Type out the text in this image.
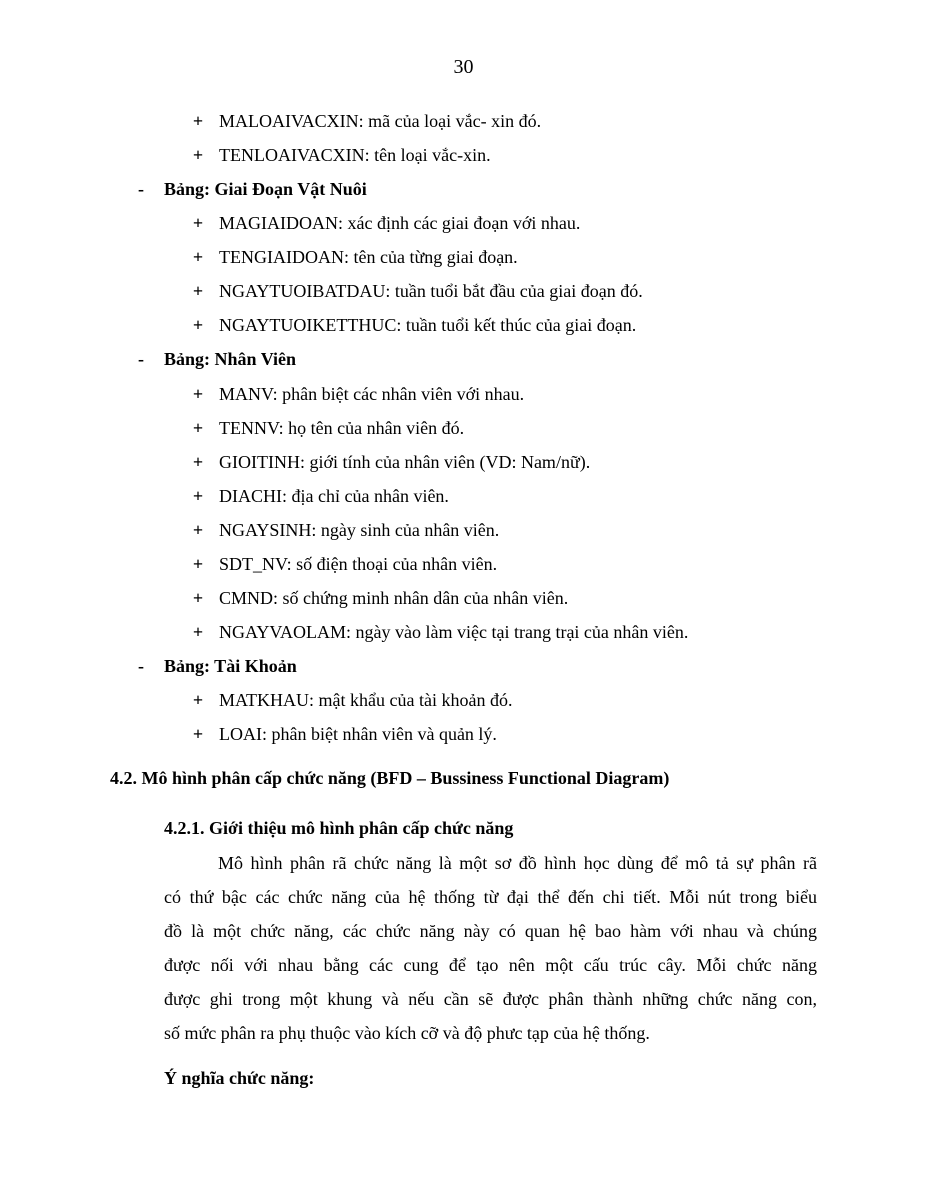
30
+ MALOAIVACXIN: mã của loại vắc- xin đó.
+ TENLOAIVACXIN: tên loại vắc-xin.
- Bảng: Giai Đoạn Vật Nuôi
+ MAGIAIDOAN: xác định các giai đoạn với nhau.
+ TENGIAIDOAN: tên của từng giai đoạn.
+ NGAYTUOIBATDAU: tuần tuổi bắt đầu của giai đoạn đó.
+ NGAYTUOIKETTHUC: tuần tuổi kết thúc của giai đoạn.
- Bảng: Nhân Viên
+ MANV: phân biệt các nhân viên với nhau.
+ TENNV: họ tên của nhân viên đó.
+ GIOITINH: giới tính của nhân viên (VD: Nam/nữ).
+ DIACHI: địa chỉ của nhân viên.
+ NGAYSINH: ngày sinh của nhân viên.
+ SDT_NV: số điện thoại của nhân viên.
+ CMND: số chứng minh nhân dân của nhân viên.
+ NGAYVAOLAM: ngày vào làm việc tại trang trại của nhân viên.
- Bảng: Tài Khoản
+ MATKHAU: mật khẩu của tài khoản đó.
+ LOAI: phân biệt nhân viên và quản lý.
4.2. Mô hình phân cấp chức năng (BFD – Bussiness Functional Diagram)
4.2.1. Giới thiệu mô hình phân cấp chức năng
Mô hình phân rã chức năng là một sơ đồ hình học dùng để mô tả sự phân rã
có thứ bậc các chức năng của hệ thống từ đại thể đến chi tiết. Mỗi nút trong biểu
đồ là một chức năng, các chức năng này có quan hệ bao hàm với nhau và chúng
được nối với nhau bằng các cung để tạo nên một cấu trúc cây. Mỗi chức năng
được ghi trong một khung và nếu cần sẽ được phân thành những chức năng con,
số mức phân ra phụ thuộc vào kích cỡ và độ phưc tạp của hệ thống.
Ý nghĩa chức năng:
